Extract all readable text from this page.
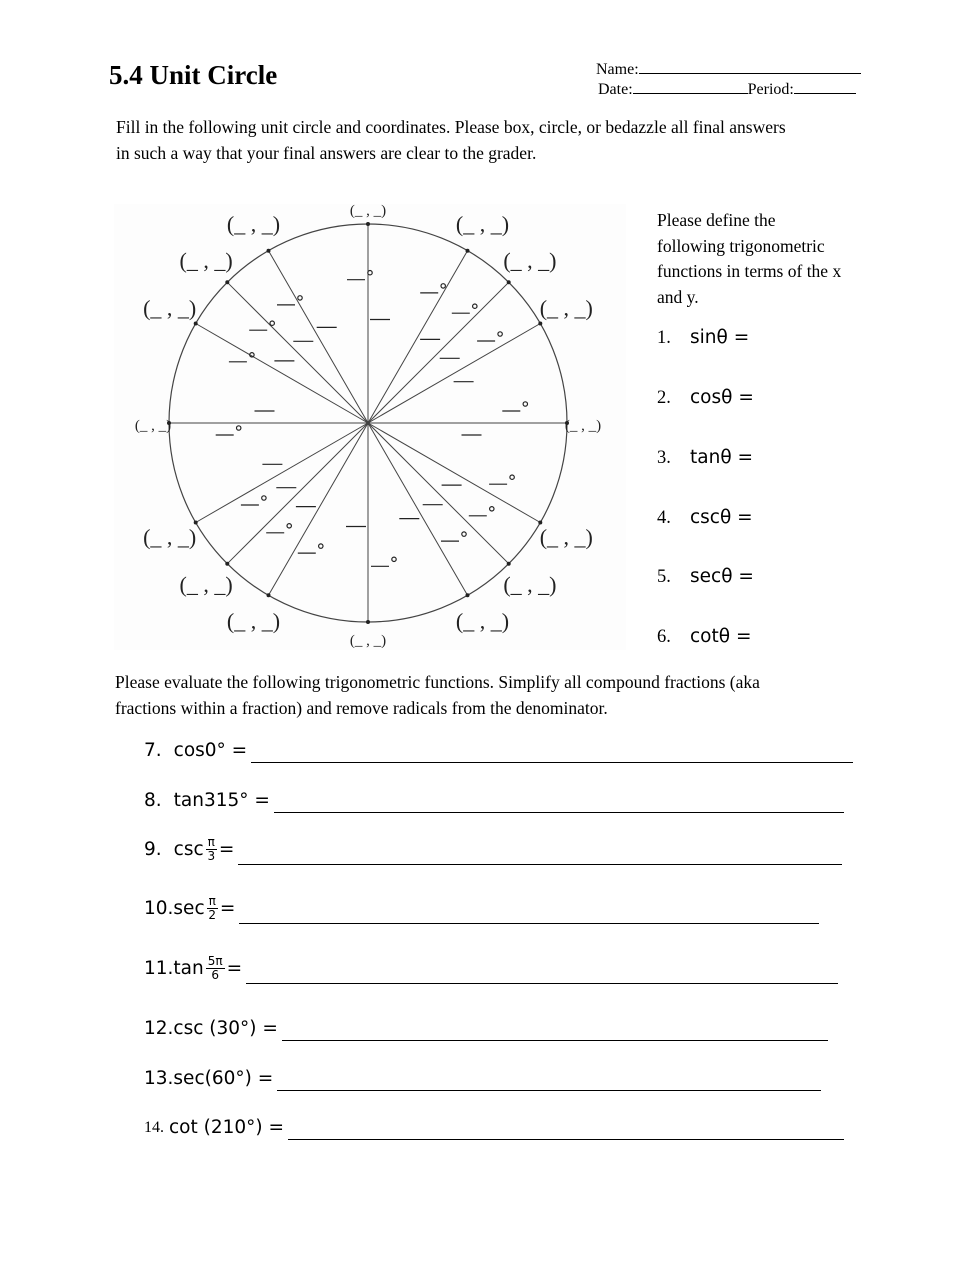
5.4 Unit Circle	Name:
Date:	Period:
Fill in the following unit circle and coordinates. Please box, circle, or bedazzle all final answers
in such a way that your final answers are clear to the grader.
(_ , _)
(_ , _)
(_ , _)
(_ , _)
(_ , _)
(_ , _)
(_ , _)
(_ , _)
(_ , _)
(_ , _)
(_ , _)
(_ , _)
(_ , _)
(_ , _)
(_ , _)
(_ , _)
Please define the
following trigonometric
functions in terms of the x
and y.
1. sinθ =
2. cosθ =
3. tanθ =
4. cscθ =
5. secθ =
6. cotθ =
Please evaluate the following trigonometric functions. Simplify all compound fractions (aka
fractions within a fraction) and remove radicals from the denominator.
7. cos0° =
8. tan315° =
9. $\csc \frac{\pi}{3}$ =
10. $\sec \frac{\pi}{2}$ =
11. $\tan \frac{5\pi}{6}$ =
12. csc (30°) =
13. sec(60°) =
14. cot (210°) =
